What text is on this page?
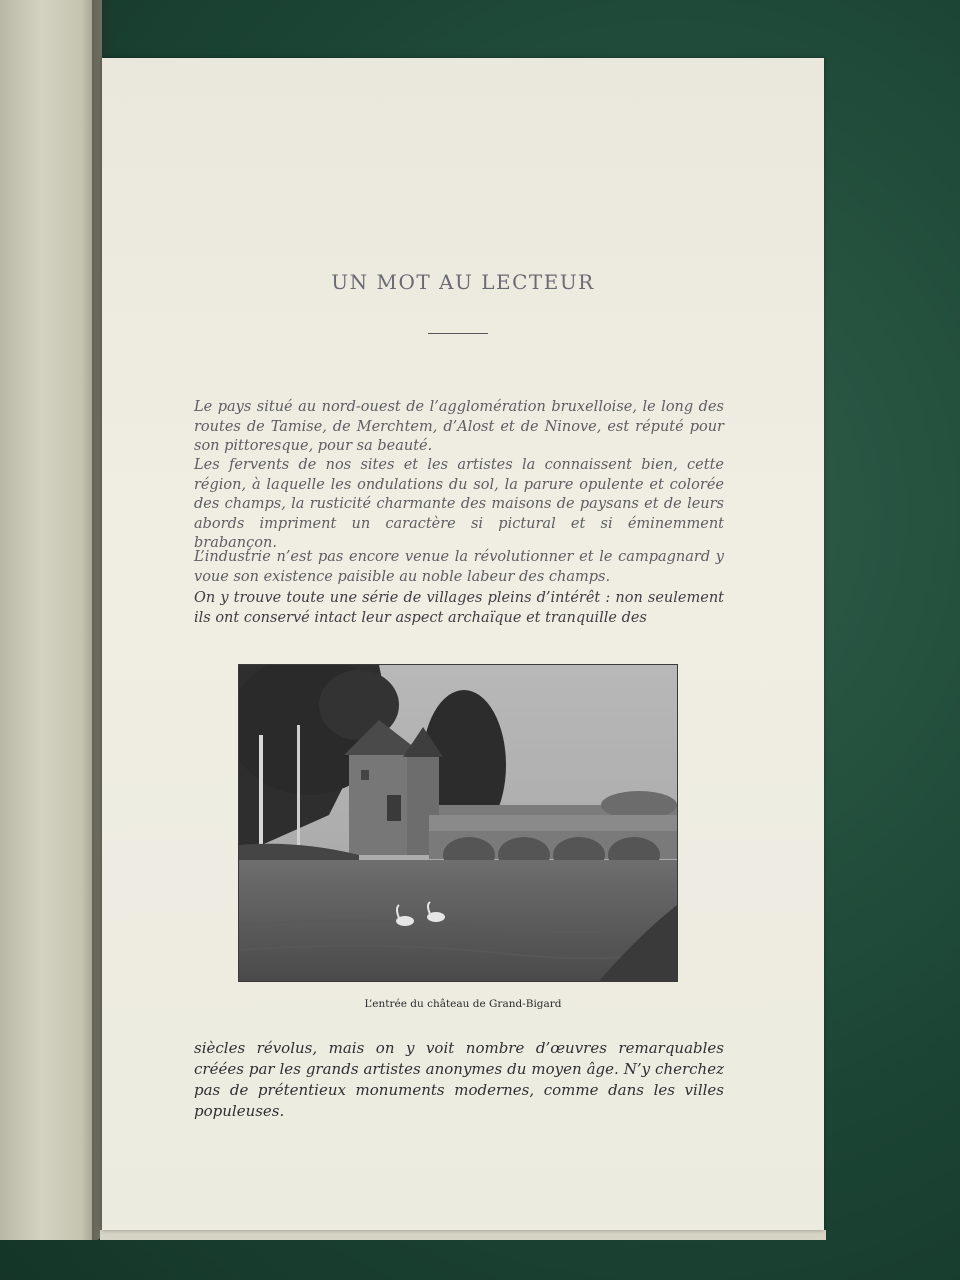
UN MOT AU LECTEUR

Le pays situé au nord-ouest de l’agglomération bruxelloise, le long des routes de Tamise, de Merchtem, d’Alost et de Ninove, est réputé pour son pittoresque, pour sa beauté.

Les fervents de nos sites et les artistes la connaissent bien, cette région, à laquelle les ondulations du sol, la parure opulente et colorée des champs, la rusticité charmante des maisons de paysans et de leurs abords impriment un caractère si pictural et si éminemment brabançon.

L’industrie n’est pas encore venue la révolutionner et le campagnard y voue son existence paisible au noble labeur des champs.

On y trouve toute une série de villages pleins d’intérêt : non seulement ils ont conservé intact leur aspect archaïque et tranquille des

L’entrée du château de Grand-Bigard

siècles révolus, mais on y voit nombre d’œuvres remarquables créées par les grands artistes anonymes du moyen âge. N’y cherchez pas de prétentieux monuments modernes, comme dans les villes populeuses.
